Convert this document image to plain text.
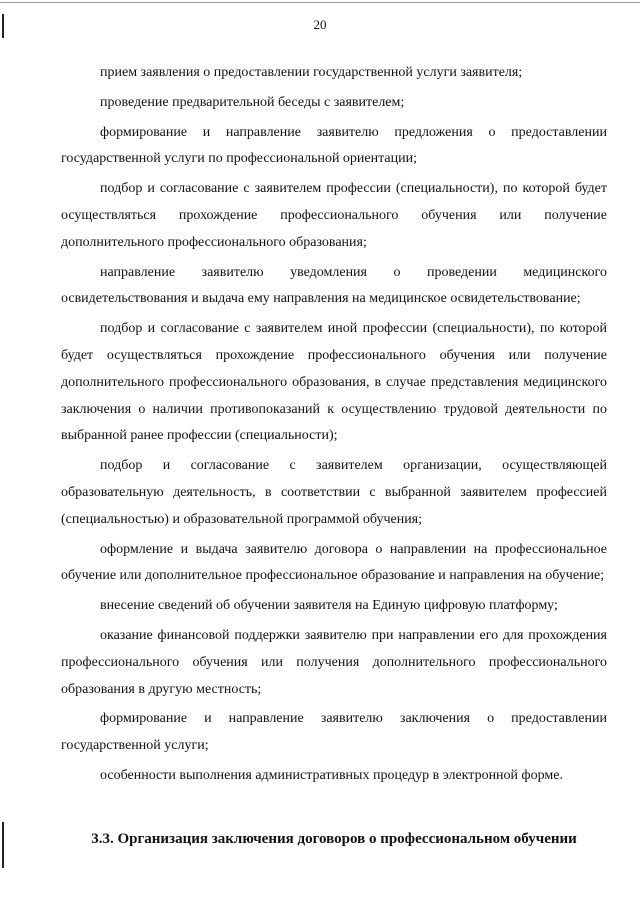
20

прием заявления о предоставлении государственной услуги заявителя;

проведение предварительной беседы с заявителем;

формирование и направление заявителю предложения о предоставлении государственной услуги по профессиональной ориентации;

подбор и согласование с заявителем профессии (специальности), по которой будет осуществляться прохождение профессионального обучения или получение дополнительного профессионального образования;

направление заявителю уведомления о проведении медицинского освидетельствования и выдача ему направления на медицинское освидетельствование;

подбор и согласование с заявителем иной профессии (специальности), по которой будет осуществляться прохождение профессионального обучения или получение дополнительного профессионального образования, в случае представления медицинского заключения о наличии противопоказаний к осуществлению трудовой деятельности по выбранной ранее профессии (специальности);

подбор и согласование с заявителем организации, осуществляющей образовательную деятельность, в соответствии с выбранной заявителем профессией (специальностью) и образовательной программой обучения;

оформление и выдача заявителю договора о направлении на профессиональное обучение или дополнительное профессиональное образование и направления на обучение;

внесение сведений об обучении заявителя на Единую цифровую платформу;

оказание финансовой поддержки заявителю при направлении его для прохождения профессионального обучения или получения дополнительного профессионального образования в другую местность;

формирование и направление заявителю заключения о предоставлении государственной услуги;

особенности выполнения административных процедур в электронной форме.

3.3. Организация заключения договоров о профессиональном обучении
